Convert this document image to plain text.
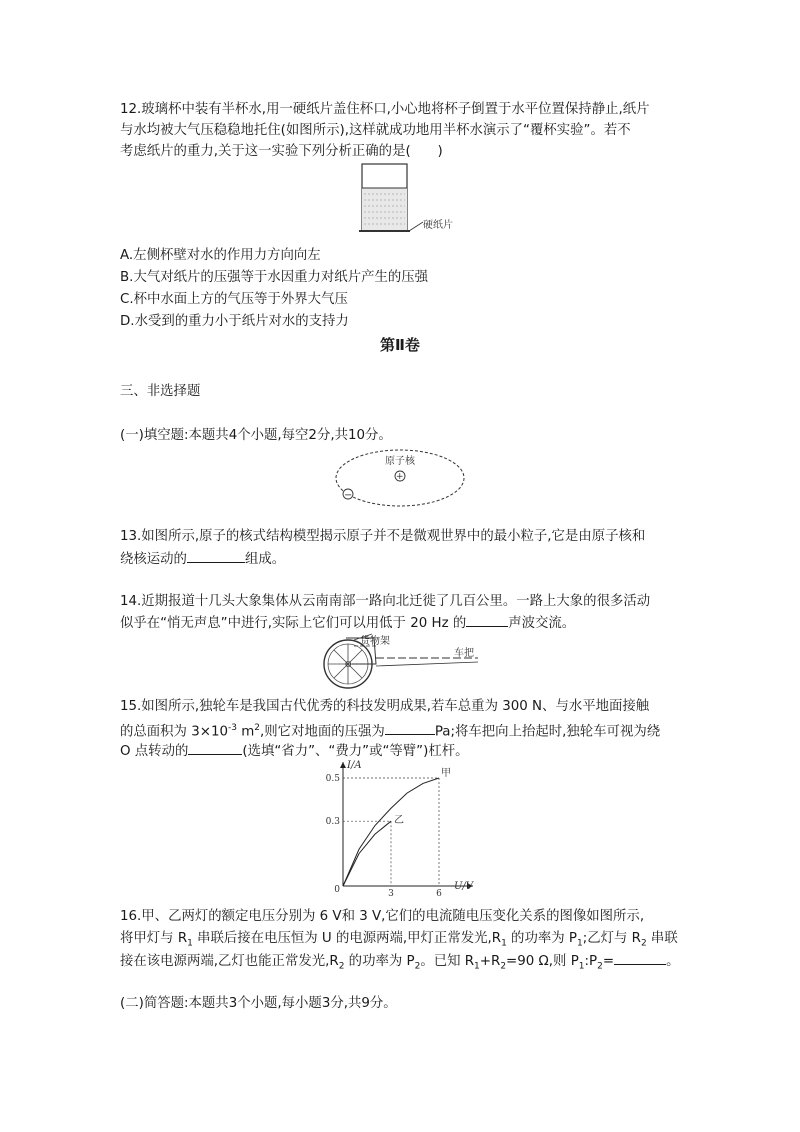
12.玻璃杯中装有半杯水,用一硬纸片盖住杯口,小心地将杯子倒置于水平位置保持静止,纸片
与水均被大气压稳稳地托住(如图所示),这样就成功地用半杯水演示了“覆杯实验”。若不
考虑纸片的重力,关于这一实验下列分析正确的是(　　)
硬纸片
A.左侧杯壁对水的作用力方向向左
B.大气对纸片的压强等于水因重力对纸片产生的压强
C.杯中水面上方的气压等于外界大气压
D.水受到的重力小于纸片对水的支持力
第Ⅱ卷
三、非选择题
(一)填空题:本题共4个小题,每空2分,共10分。
+
原子核
−
13.如图所示,原子的核式结构模型揭示原子并不是微观世界中的最小粒子,它是由原子核和
绕核运动的	组成。
14.近期报道十几头大象集体从云南南部一路向北迁徙了几百公里。一路上大象的很多活动
似乎在“悄无声息”中进行,实际上它们可以用低于 20 Hz 的	声波交流。
货物架
车把
O
15.如图所示,独轮车是我国古代优秀的科技发明成果,若车总重为 300 N、与水平地面接触
的总面积为 $3\times 10^{-3}$ $m^2$,则它对地面的压强为	Pa;将车把向上抬起时,独轮车可视为绕
O 点转动的	(选填“省力”、“费力”或“等臂”)杠杆。
I/A
U/V
0
0.3
0.5
3	6
甲
乙
16.甲、乙两灯的额定电压分别为 6 V和 3 V,它们的电流随电压变化关系的图像如图所示,
将甲灯与 $R_1$ 串联后接在电压恒为 U 的电源两端,甲灯正常发光$,R_1$ 的功率为 $P_1$;乙灯与 $R_2$ 串联
接在该电源两端,乙灯也能正常发光$,R_2$ 的功率为 $P_2$。已知 $R_1+R_2=90$ Ω,则 $P_1:P_2=$	。
(二)简答题:本题共3个小题,每小题3分,共9分。
